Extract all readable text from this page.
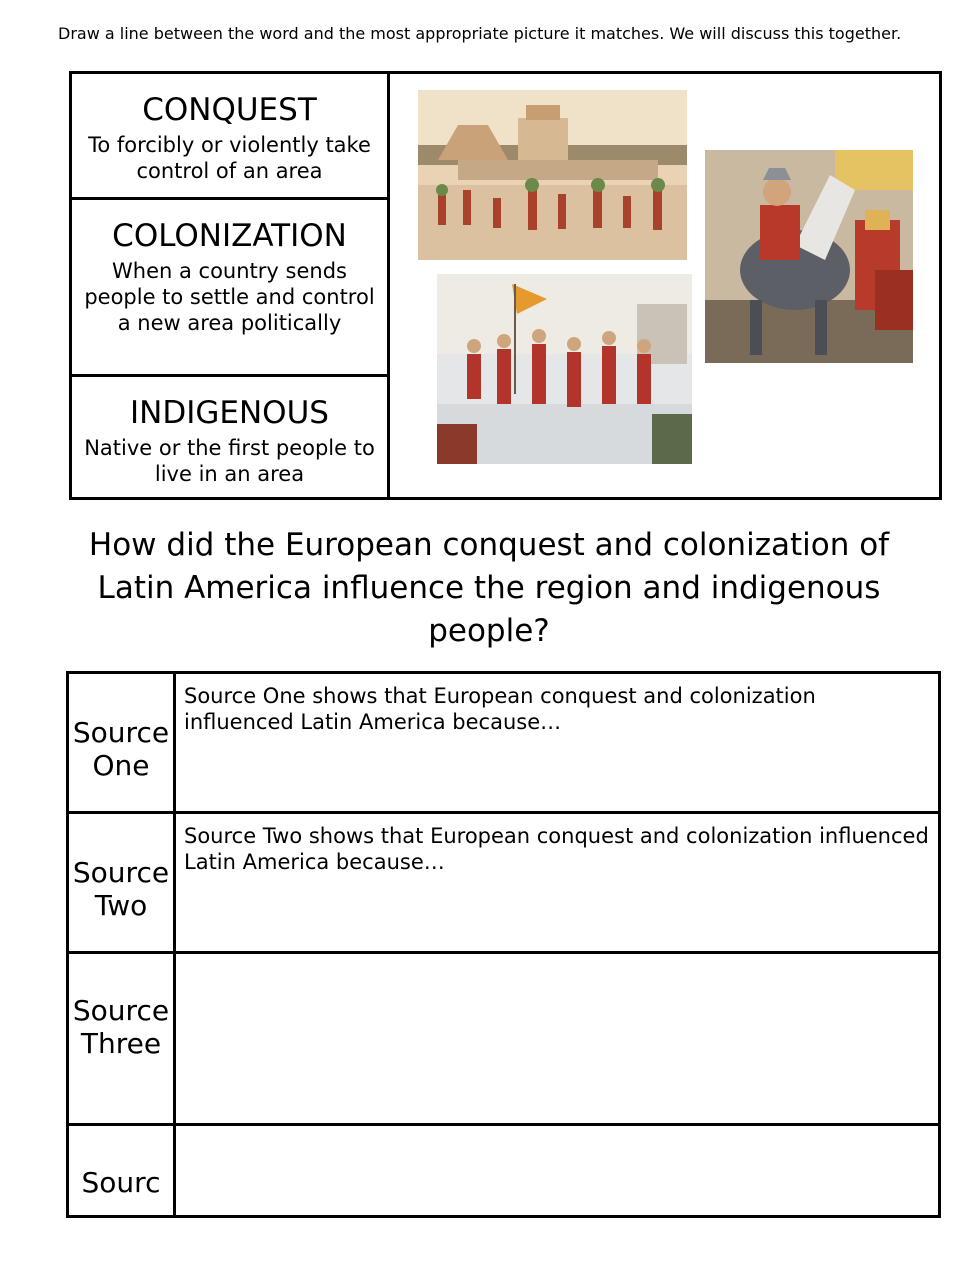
Draw a line between the word and the most appropriate picture it matches. We will discuss this together.
CONQUEST
To forcibly or violently take control of an area
COLONIZATION
When a country sends people to settle and control a new area politically
INDIGENOUS
Native or the first people to live in an area
How did the European conquest and colonization of Latin America influence the region and indigenous people?
Source One	Source One shows that European conquest and colonization influenced Latin America because…

Source Two	Source Two shows that European conquest and colonization influenced Latin America because…

Source Three	

Sourc	
